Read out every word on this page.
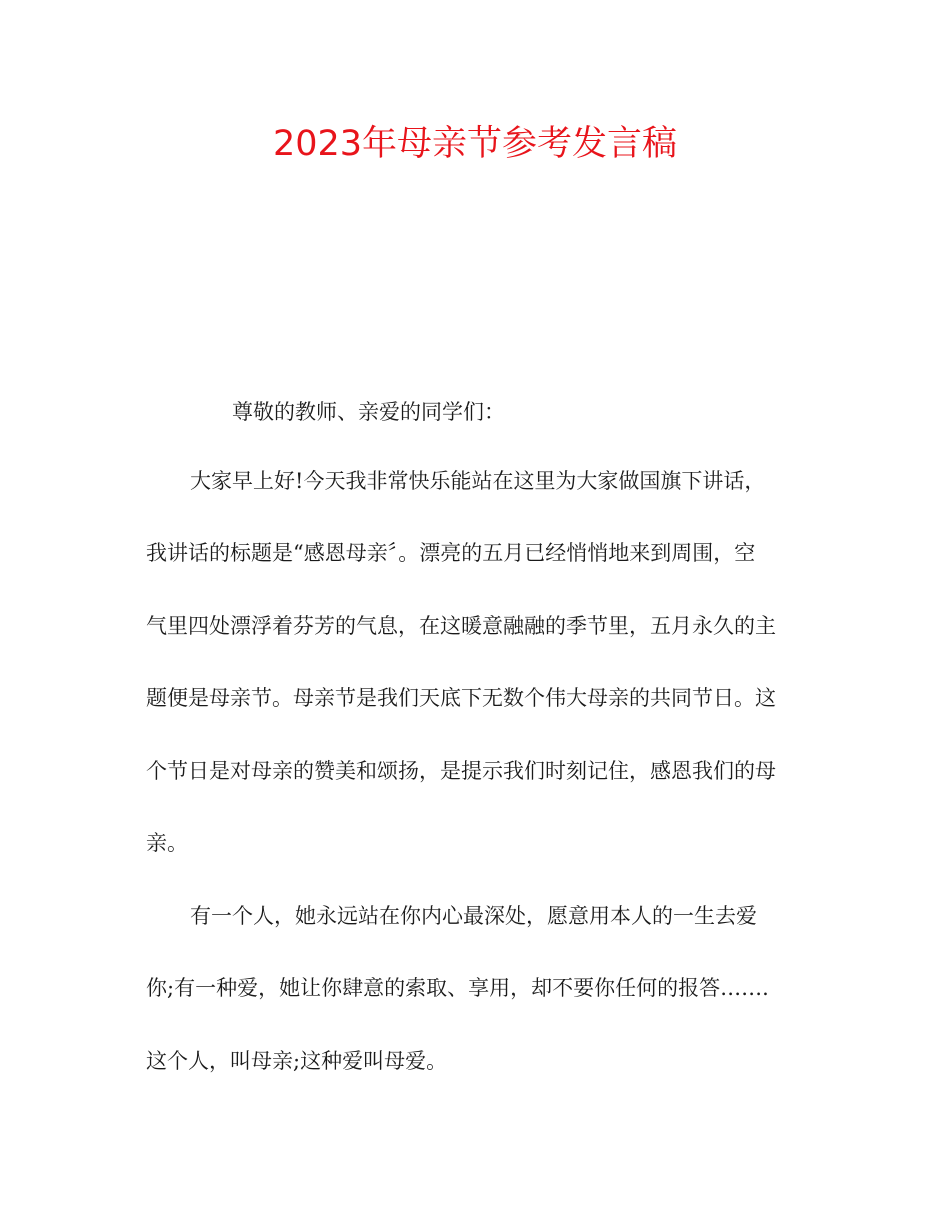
2023年母亲节参考发言稿
尊敬的教师、亲爱的同学们：
大家早上好!今天我非常快乐能站在这里为大家做国旗下讲话，
我讲话的标题是“感恩母亲〞。漂亮的五月已经悄悄地来到周围，空
气里四处漂浮着芬芳的气息，在这暖意融融的季节里，五月永久的主
题便是母亲节。母亲节是我们天底下无数个伟大母亲的共同节日。这
个节日是对母亲的赞美和颂扬，是提示我们时刻记住，感恩我们的母
亲。
有一个人，她永远站在你内心最深处，愿意用本人的一生去爱
你;有一种爱，她让你肆意的索取、享用，却不要你任何的报答…….
这个人，叫母亲;这种爱叫母爱。
